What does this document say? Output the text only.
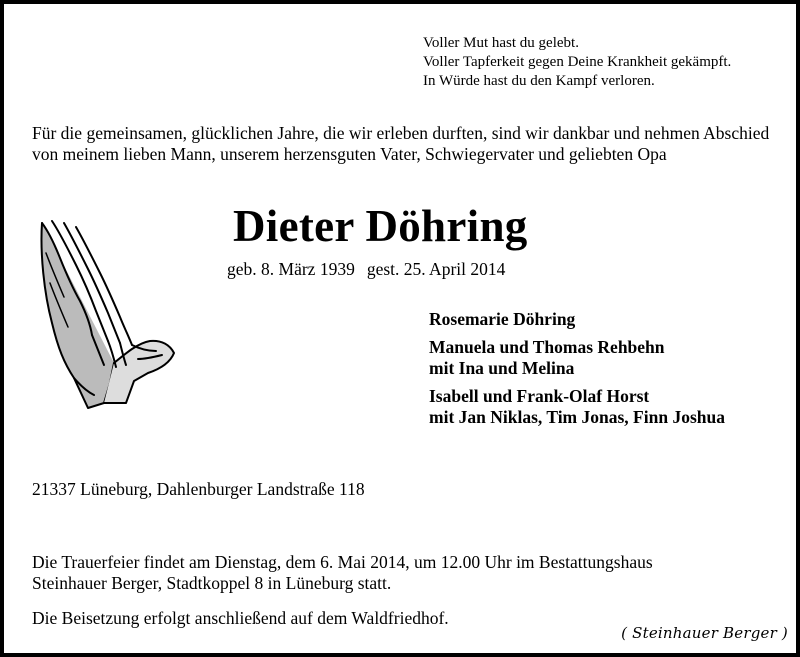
Voller Mut hast du gelebt.
Voller Tapferkeit gegen Deine Krankheit gekämpft.
In Würde hast du den Kampf verloren.
Für die gemeinsamen, glücklichen Jahre, die wir erleben durften, sind wir dankbar und nehmen Abschied von meinem lieben Mann, unserem herzensguten Vater, Schwiegervater und geliebten Opa
Dieter Döhring
geb. 8. März 1939 gest. 25. April 2014
Rosemarie Döhring
Manuela und Thomas Rehbehn
mit Ina und Melina
Isabell und Frank-Olaf Horst
mit Jan Niklas, Tim Jonas, Finn Joshua
21337 Lüneburg, Dahlenburger Landstraße 118
Die Trauerfeier findet am Dienstag, dem 6. Mai 2014, um 12.00 Uhr im Bestattungshaus
Steinhauer Berger, Stadtkoppel 8 in Lüneburg statt.
Die Beisetzung erfolgt anschließend auf dem Waldfriedhof.
( Steinhauer Berger )
